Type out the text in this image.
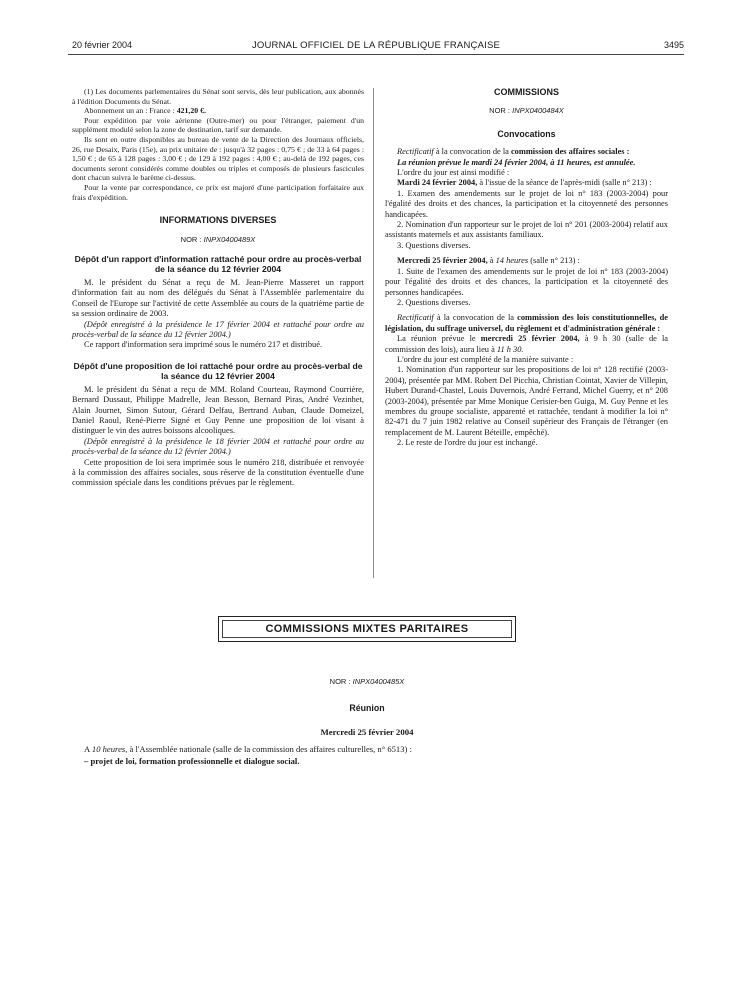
20 février 2004	JOURNAL OFFICIEL DE LA RÉPUBLIQUE FRANÇAISE	3495

(1) Les documents parlementaires du Sénat sont servis, dès leur publication, aux abonnés à l'édition Documents du Sénat.

Abonnement un an : France : 421,20 €.

Pour expédition par voie aérienne (Outre-mer) ou pour l'étranger, paiement d'un supplément modulé selon la zone de destination, tarif sur demande.

Ils sont en outre disponibles au bureau de vente de la Direction des Journaux officiels, 26, rue Desaix, Paris (15e), au prix unitaire de : jusqu'à 32 pages : 0,75 € ; de 33 à 64 pages : 1,50 € ; de 65 à 128 pages : 3,00 € ; de 129 à 192 pages : 4,00 € ; au-delà de 192 pages, ces documents seront considérés comme doubles ou triples et composés de plusieurs fascicules dont chacun suivra le barème ci-dessus.

Pour la vente par correspondance, ce prix est majoré d'une participation forfaitaire aux frais d'expédition.

INFORMATIONS DIVERSES

NOR : INPX0400489X

Dépôt d'un rapport d'information rattaché pour ordre au procès-verbal de la séance du 12 février 2004

M. le président du Sénat a reçu de M. Jean-Pierre Masseret un rapport d'information fait au nom des délégués du Sénat à l'Assemblée parlementaire du Conseil de l'Europe sur l'activité de cette Assemblée au cours de la quatrième partie de sa session ordinaire de 2003.

(Dépôt enregistré à la présidence le 17 février 2004 et rattaché pour ordre au procès-verbal de la séance du 12 février 2004.)

Ce rapport d'information sera imprimé sous le numéro 217 et distribué.

Dépôt d'une proposition de loi rattaché pour ordre au procès-verbal de la séance du 12 février 2004

M. le président du Sénat a reçu de MM. Roland Courteau, Raymond Courrière, Bernard Dussaut, Philippe Madrelle, Jean Besson, Bernard Piras, André Vezinhet, Alain Journet, Simon Sutour, Gérard Delfau, Bertrand Auban, Claude Domeizel, Daniel Raoul, René-Pierre Signé et Guy Penne une proposition de loi visant à distinguer le vin des autres boissons alcooliques.

(Dépôt enregistré à la présidence le 18 février 2004 et rattaché pour ordre au procès-verbal de la séance du 12 février 2004.)

Cette proposition de loi sera imprimée sous le numéro 218, distribuée et renvoyée à la commission des affaires sociales, sous réserve de la constitution éventuelle d'une commission spéciale dans les conditions prévues par le règlement.

COMMISSIONS

NOR : INPX0400484X

Convocations

Rectificatif à la convocation de la commission des affaires sociales :

La réunion prévue le mardi 24 février 2004, à 11 heures, est annulée.

L'ordre du jour est ainsi modifié :

Mardi 24 février 2004, à l'issue de la séance de l'après-midi (salle n° 213) :

1. Examen des amendements sur le projet de loi n° 183 (2003-2004) pour l'égalité des droits et des chances, la participation et la citoyenneté des personnes handicapées.

2. Nomination d'un rapporteur sur le projet de loi n° 201 (2003-2004) relatif aux assistants maternels et aux assistants familiaux.

3. Questions diverses.

Mercredi 25 février 2004, à 14 heures (salle n° 213) :

1. Suite de l'examen des amendements sur le projet de loi n° 183 (2003-2004) pour l'égalité des droits et des chances, la participation et la citoyenneté des personnes handicapées.

2. Questions diverses.

Rectificatif à la convocation de la commission des lois constitutionnelles, de législation, du suffrage universel, du règlement et d'administration générale :

La réunion prévue le mercredi 25 février 2004, à 9 h 30 (salle de la commission des lois), aura lieu à 11 h 30.

L'ordre du jour est complété de la manière suivante :

1. Nomination d'un rapporteur sur les propositions de loi n° 128 rectifié (2003-2004), présentée par MM. Robert Del Picchia, Christian Cointat, Xavier de Villepin, Hubert Durand-Chastel, Louis Duvernois, André Ferrand, Michel Guerry, et n° 208 (2003-2004), présentée par Mme Monique Cerisier-ben Guiga, M. Guy Penne et les membres du groupe socialiste, apparenté et rattachée, tendant à modifier la loi n° 82-471 du 7 juin 1982 relative au Conseil supérieur des Français de l'étranger (en remplacement de M. Laurent Béteille, empêché).

2. Le reste de l'ordre du jour est inchangé.

COMMISSIONS MIXTES PARITAIRES
NOR : INPX0400485X
Réunion
Mercredi 25 février 2004
A 10 heures, à l'Assemblée nationale (salle de la commission des affaires culturelles, n° 6513) :
– projet de loi, formation professionnelle et dialogue social.
